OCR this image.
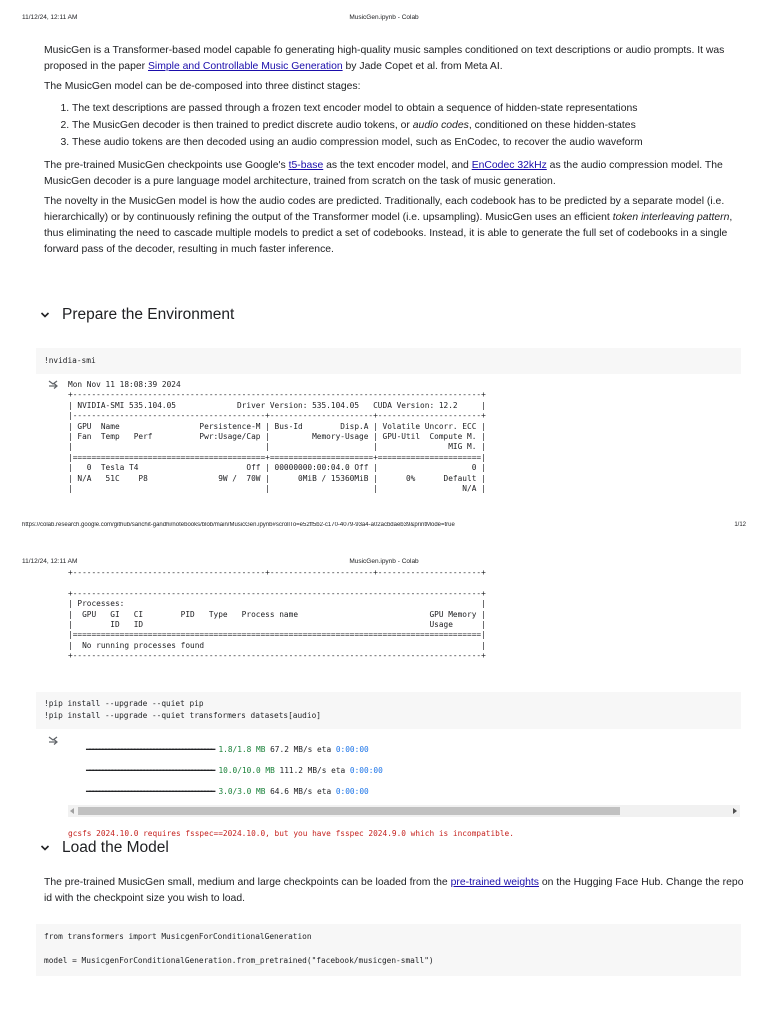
11/12/24, 12:11 AM	MusicGen.ipynb - Colab

MusicGen is a Transformer-based model capable fo generating high-quality music samples conditioned on text descriptions or audio prompts. It was proposed in the paper Simple and Controllable Music Generation by Jade Copet et al. from Meta AI.

The MusicGen model can be de-composed into three distinct stages:

1. The text descriptions are passed through a frozen text encoder model to obtain a sequence of hidden-state representations
2. The MusicGen decoder is then trained to predict discrete audio tokens, or audio codes, conditioned on these hidden-states
3. These audio tokens are then decoded using an audio compression model, such as EnCodec, to recover the audio waveform

The pre-trained MusicGen checkpoints use Google's t5-base as the text encoder model, and EnCodec 32kHz as the audio compression model. The MusicGen decoder is a pure language model architecture, trained from scratch on the task of music generation.

The novelty in the MusicGen model is how the audio codes are predicted. Traditionally, each codebook has to be predicted by a separate model (i.e. hierarchically) or by continuously refining the output of the Transformer model (i.e. upsampling). MusicGen uses an efficient token interleaving pattern, thus eliminating the need to cascade multiple models to predict a set of codebooks. Instead, it is able to generate the full set of codebooks in a single forward pass of the decoder, resulting in much faster inference.

Prepare the Environment
!nvidia-smi
Mon Nov 11 18:08:39 2024
+---------------------------------------------------------------------------------------+
| NVIDIA-SMI 535.104.05             Driver Version: 535.104.05   CUDA Version: 12.2     |
|-----------------------------------------+----------------------+----------------------+
| GPU  Name                 Persistence-M | Bus-Id        Disp.A | Volatile Uncorr. ECC |
| Fan  Temp   Perf          Pwr:Usage/Cap |         Memory-Usage | GPU-Util  Compute M. |
|                                         |                      |               MIG M. |
|=========================================+======================+======================|
|   0  Tesla T4                       Off | 00000000:00:04.0 Off |                    0 |
| N/A   51C    P8               9W /  70W |      0MiB / 15360MiB |      0%      Default |
|                                         |                      |                  N/A |
https://colab.research.google.com/github/sanchit-gandhi/notebooks/blob/main/MusicGen.ipynb#scrollTo=e52ff5b2-c170-4079-93a4-a02acbdaeb39&printMode=true	1/12
11/12/24, 12:11 AM	MusicGen.ipynb - Colab
+-----------------------------------------+----------------------+----------------------+

+---------------------------------------------------------------------------------------+
| Processes:                                                                            |
|  GPU   GI   CI        PID   Type   Process name                            GPU Memory |
|        ID   ID                                                             Usage      |
|=======================================================================================|
|  No running processes found                                                           |
+---------------------------------------------------------------------------------------+
!pip install --upgrade --quiet pip
!pip install --upgrade --quiet transformers datasets[audio]

━━━━━━━━━━━━━━━━━━━━━━━━━━━━━━━━━━━━━━━━ 1.8/1.8 MB 67.2 MB/s eta 0:00:00

━━━━━━━━━━━━━━━━━━━━━━━━━━━━━━━━━━━━━━━━ 10.0/10.0 MB 111.2 MB/s eta 0:00:00

━━━━━━━━━━━━━━━━━━━━━━━━━━━━━━━━━━━━━━━━ 3.0/3.0 MB 64.6 MB/s eta 0:00:00

gcsfs 2024.10.0 requires fsspec==2024.10.0, but you have fsspec 2024.9.0 which is incompatible.

Load the Model

The pre-trained MusicGen small, medium and large checkpoints can be loaded from the pre-trained weights on the Hugging Face Hub. Change the repo id with the checkpoint size you wish to load.

from transformers import MusicgenForConditionalGeneration

model = MusicgenForConditionalGeneration.from_pretrained("facebook/musicgen-small")
